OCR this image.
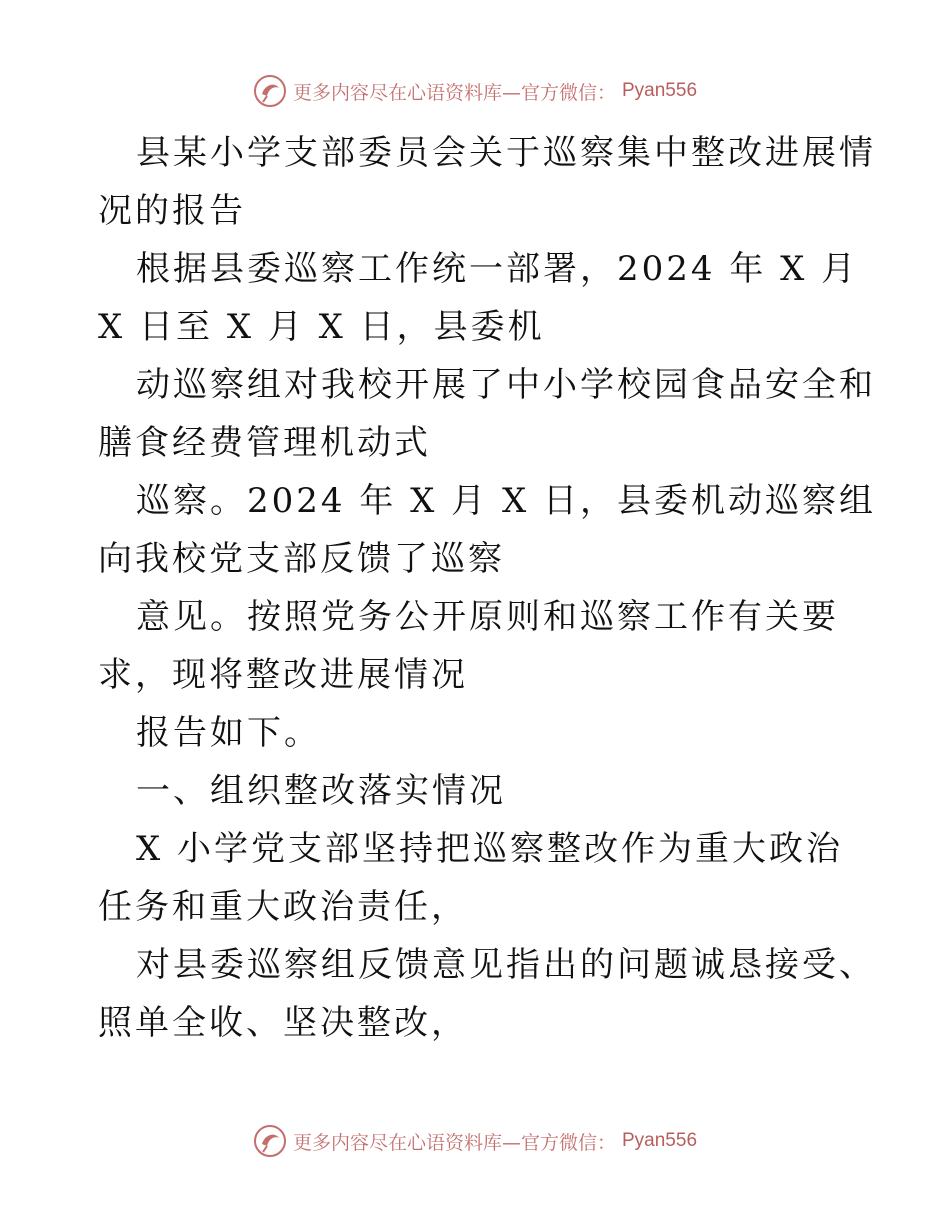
更多内容尽在心语资料库—官方微信： Pyan556

县某小学支部委员会关于巡察集中整改进展情况的报告

根据县委巡察工作统一部署，2024 年 X 月 X 日至 X 月 X 日，县委机

动巡察组对我校开展了中小学校园食品安全和膳食经费管理机动式

巡察。2024 年 X 月 X 日，县委机动巡察组向我校党支部反馈了巡察

意见。按照党务公开原则和巡察工作有关要求，现将整改进展情况

报告如下。

一、组织整改落实情况

X 小学党支部坚持把巡察整改作为重大政治任务和重大政治责任，

对县委巡察组反馈意见指出的问题诚恳接受、照单全收、坚决整改，

更多内容尽在心语资料库—官方微信： Pyan556
